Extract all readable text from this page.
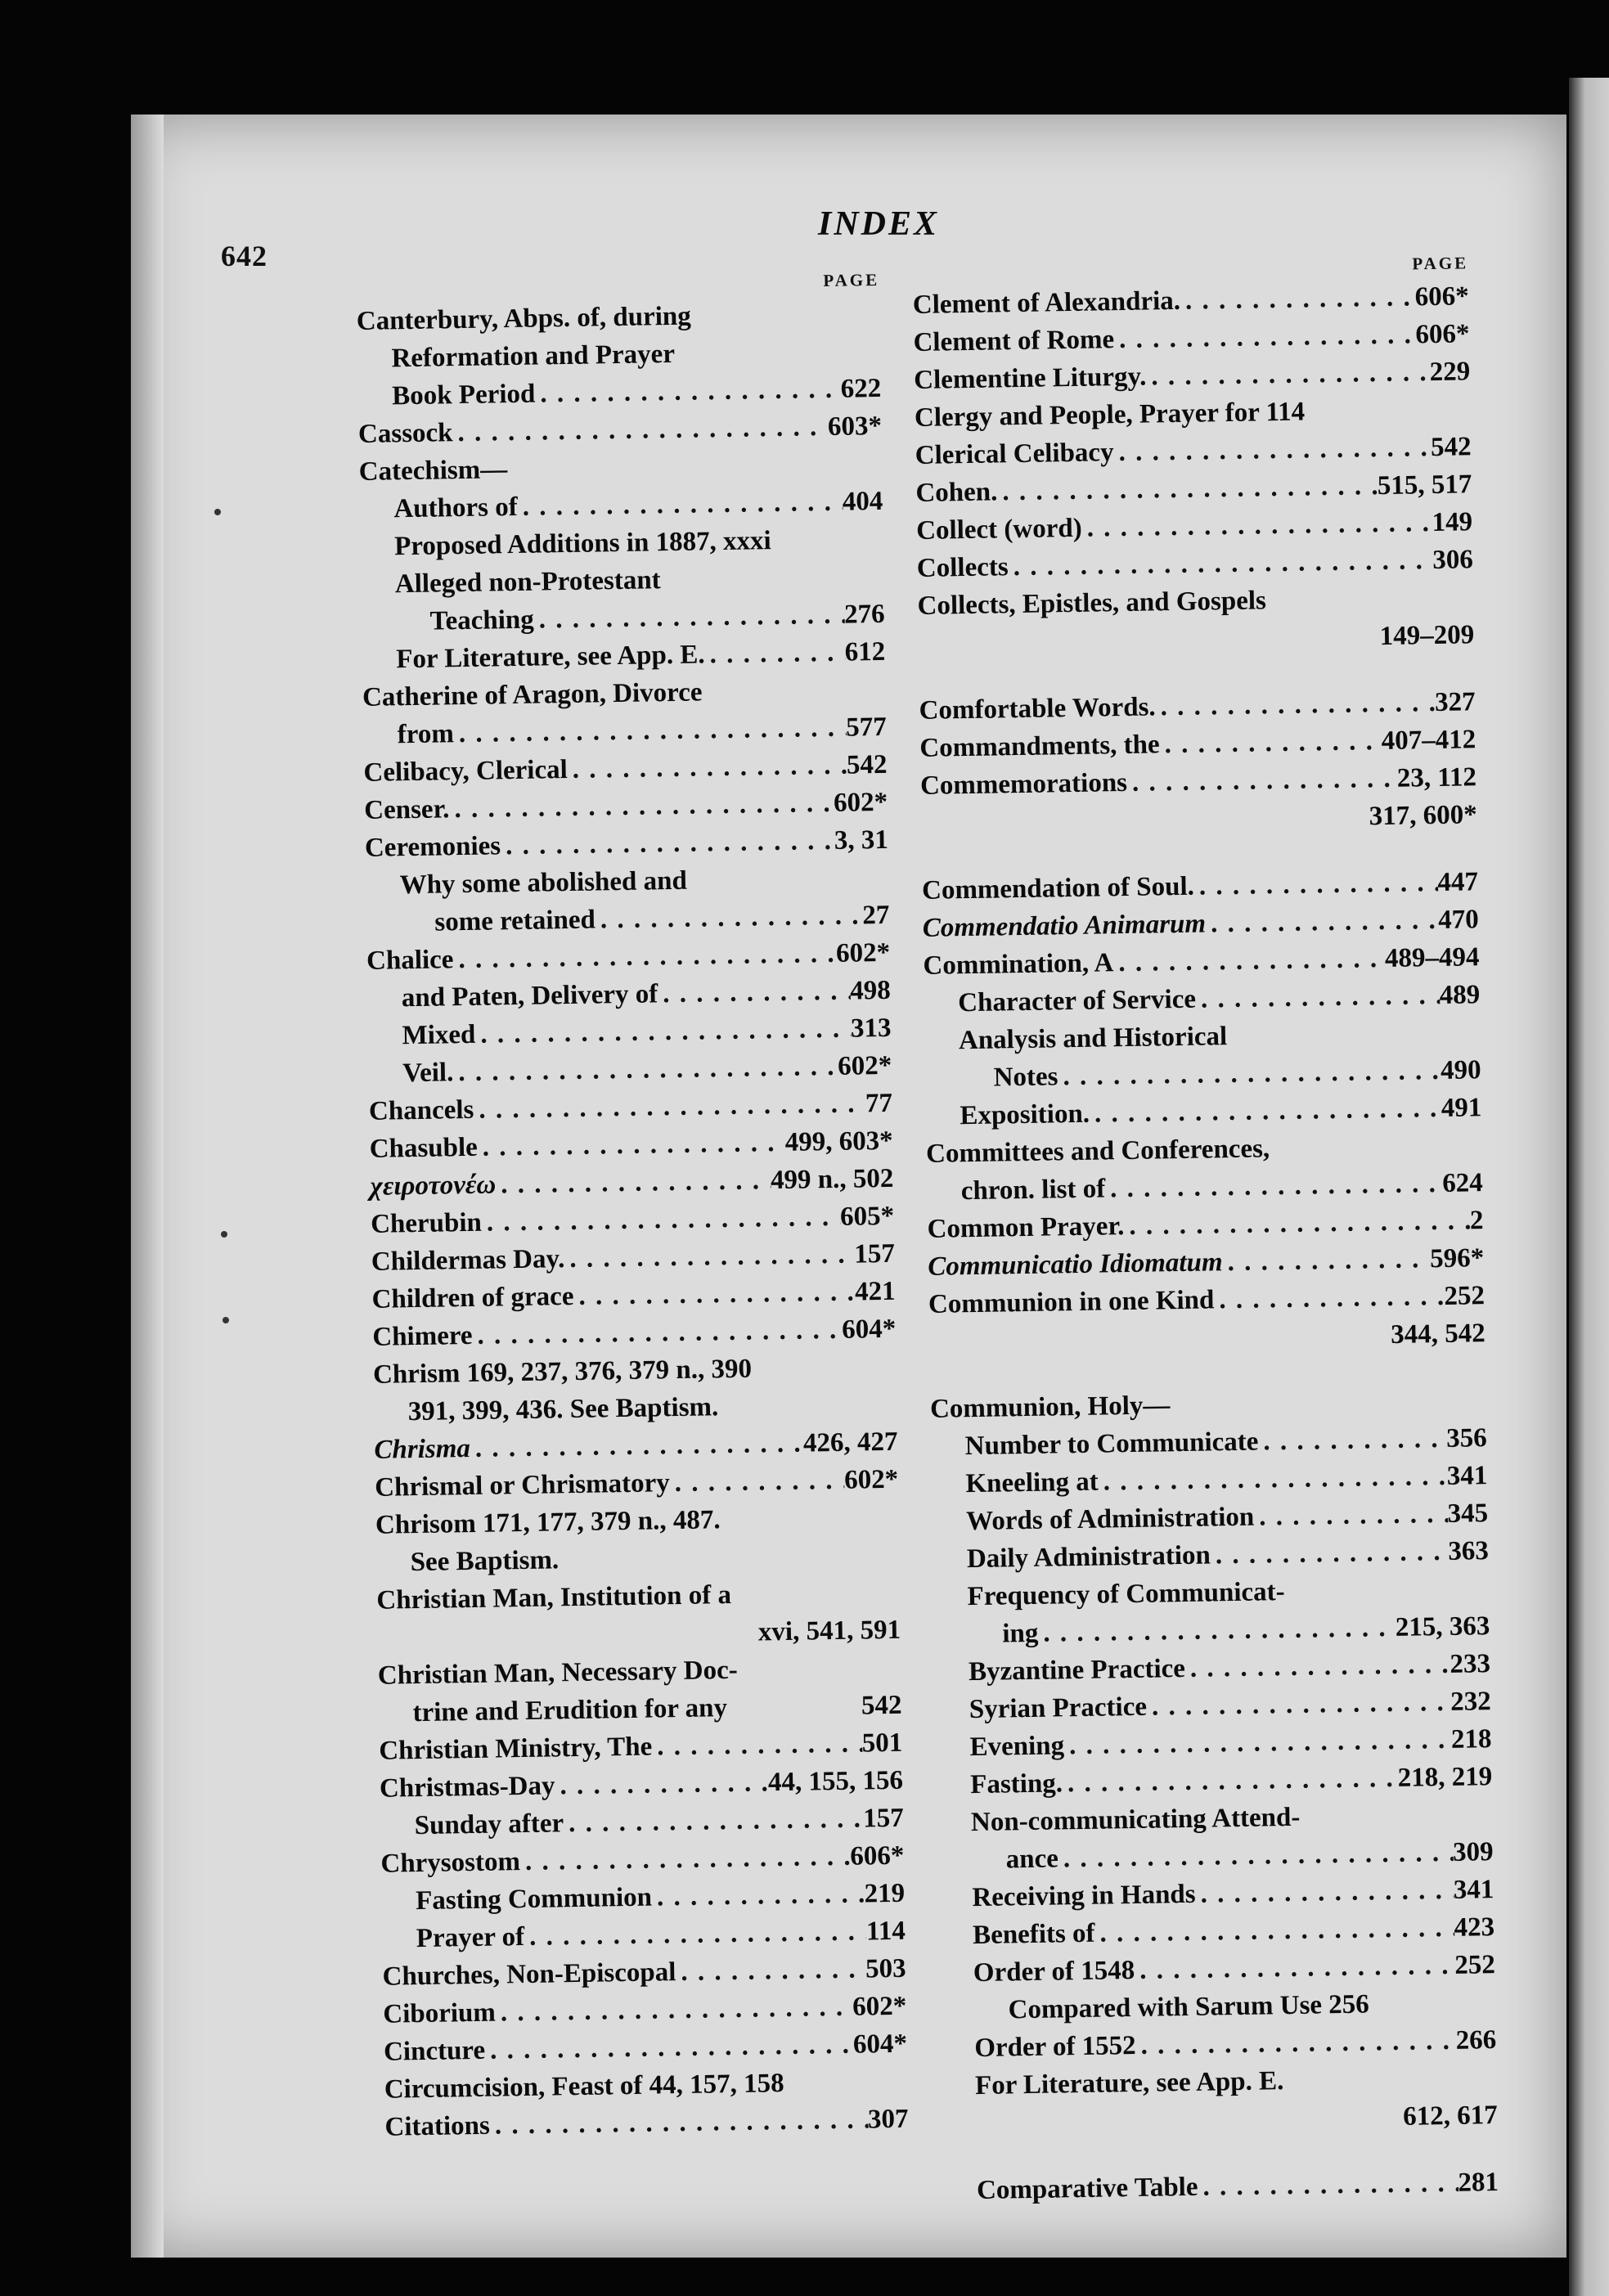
642
INDEX
PAGE
Canterbury, Abps. of, during
Reformation and Prayer
Book Period . . .	622
Cassock . . .	603*
Catechism—
Authors of . . .	404
Proposed Additions in 1887, xxxi
Alleged non-Protestant
Teaching . . .	276
For Literature, see App. E. . . .	612
Catherine of Aragon, Divorce
from . . .	577
Celibacy, Clerical . . .	542
Censer. . . .	602*
Ceremonies . . .	3, 31
Why some abolished and
some retained . . .	27
Chalice . . .	602*
and Paten, Delivery of . . .	498
Mixed . . .	313
Veil. . . .	602*
Chancels . . .	77
Chasuble . . .	499, 603*
χειροτονέω . . .	499 n., 502
Cherubin . . .	605*
Childermas Day. . . .	157
Children of grace . . .	421
Chimere . . .	604*
Chrism 169, 237, 376, 379 n., 390
391, 399, 436. See Baptism.
Chrisma . . .	426, 427
Chrismal or Chrismatory . . .	602*
Chrisom 171, 177, 379 n., 487.
See Baptism.
Christian Man, Institution of a
xvi, 541, 591
Christian Man, Necessary Doc-
trine and Erudition for any	542
Christian Ministry, The . . .	501
Christmas-Day . . .	44, 155, 156
Sunday after . . .	157
Chrysostom . . .	606*
Fasting Communion . . .	219
Prayer of . . .	114
Churches, Non-Episcopal . . .	503
Ciborium . . .	602*
Cincture . . .	604*
Circumcision, Feast of 44, 157, 158
Citations . . .	307
PAGE
Clement of Alexandria. . . .	606*
Clement of Rome . . .	606*
Clementine Liturgy. . . .	229
Clergy and People, Prayer for 114
Clerical Celibacy . . .	542
Cohen. . . .	515, 517
Collect (word) . . .	149
Collects . . .	306
Collects, Epistles, and Gospels
149–209
Comfortable Words. . . .	327
Commandments, the . . .	407–412
Commemorations . . .	23, 112
317, 600*
Commendation of Soul. . . .	447
Commendatio Animarum . . .	470
Commination, A . . .	489–494
Character of Service . . .	489
Analysis and Historical
Notes . . .	490
Exposition. . . .	491
Committees and Conferences,
chron. list of . . .	624
Common Prayer. . . .	2
Communicatio Idiomatum . . .	596*
Communion in one Kind . . .	252
344, 542
Communion, Holy—
Number to Communicate . . .	356
Kneeling at . . .	341
Words of Administration . . .	345
Daily Administration . . .	363
Frequency of Communicat-
ing . . .	215, 363
Byzantine Practice . . .	233
Syrian Practice . . .	232
Evening . . .	218
Fasting. . . .	218, 219
Non-communicating Attend-
ance . . .	309
Receiving in Hands . . .	341
Benefits of . . .	423
Order of 1548 . . .	252
Compared with Sarum Use 256
Order of 1552 . . .	266
For Literature, see App. E.
612, 617
Comparative Table . . .	281
